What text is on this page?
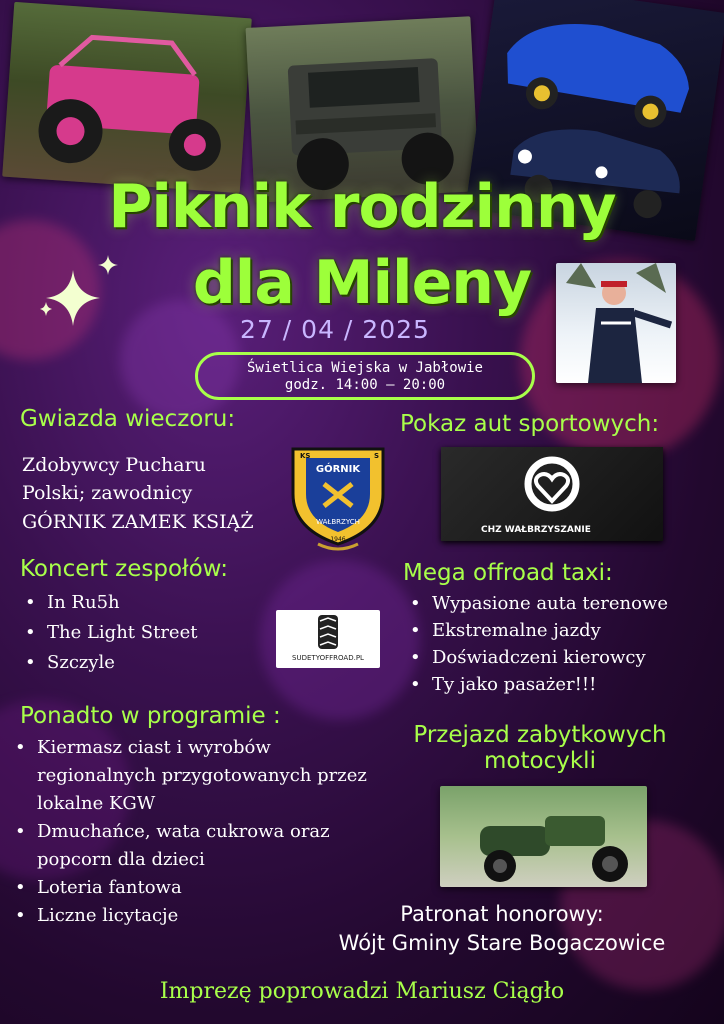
Piknik rodzinny
dla Mileny
27 / 04 / 2025
Świetlica Wiejska w Jabłowie
godz. 14:00 – 20:00
Gwiazda wieczoru:
Zdobywcy Pucharu
Polski; zawodnicy
GÓRNIK ZAMEK KSIĄŻ
GÓRNIK
WAŁBRZYCH
KS	S
1946
Pokaz aut sportowych:
CHZ WAŁBRZYSZANIE
Koncert zespołów:
• In Ru5h
• The Light Street
• Szczyle	SUDETYOFFROAD.PL
Mega offroad taxi:
• Wypasione auta terenowe
• Ekstremalne jazdy
• Doświadczeni kierowcy
• Ty jako pasażer!!!
Ponadto w programie :
• Kiermasz ciast i wyrobów regionalnych przygotowanych przez lokalne KGW
• Dmuchańce, wata cukrowa oraz popcorn dla dzieci
• Loteria fantowa
• Liczne licytacje
Przejazd zabytkowych motocykli
Patronat honorowy:
Wójt Gminy Stare Bogaczowice
Imprezę poprowadzi Mariusz Ciągło
